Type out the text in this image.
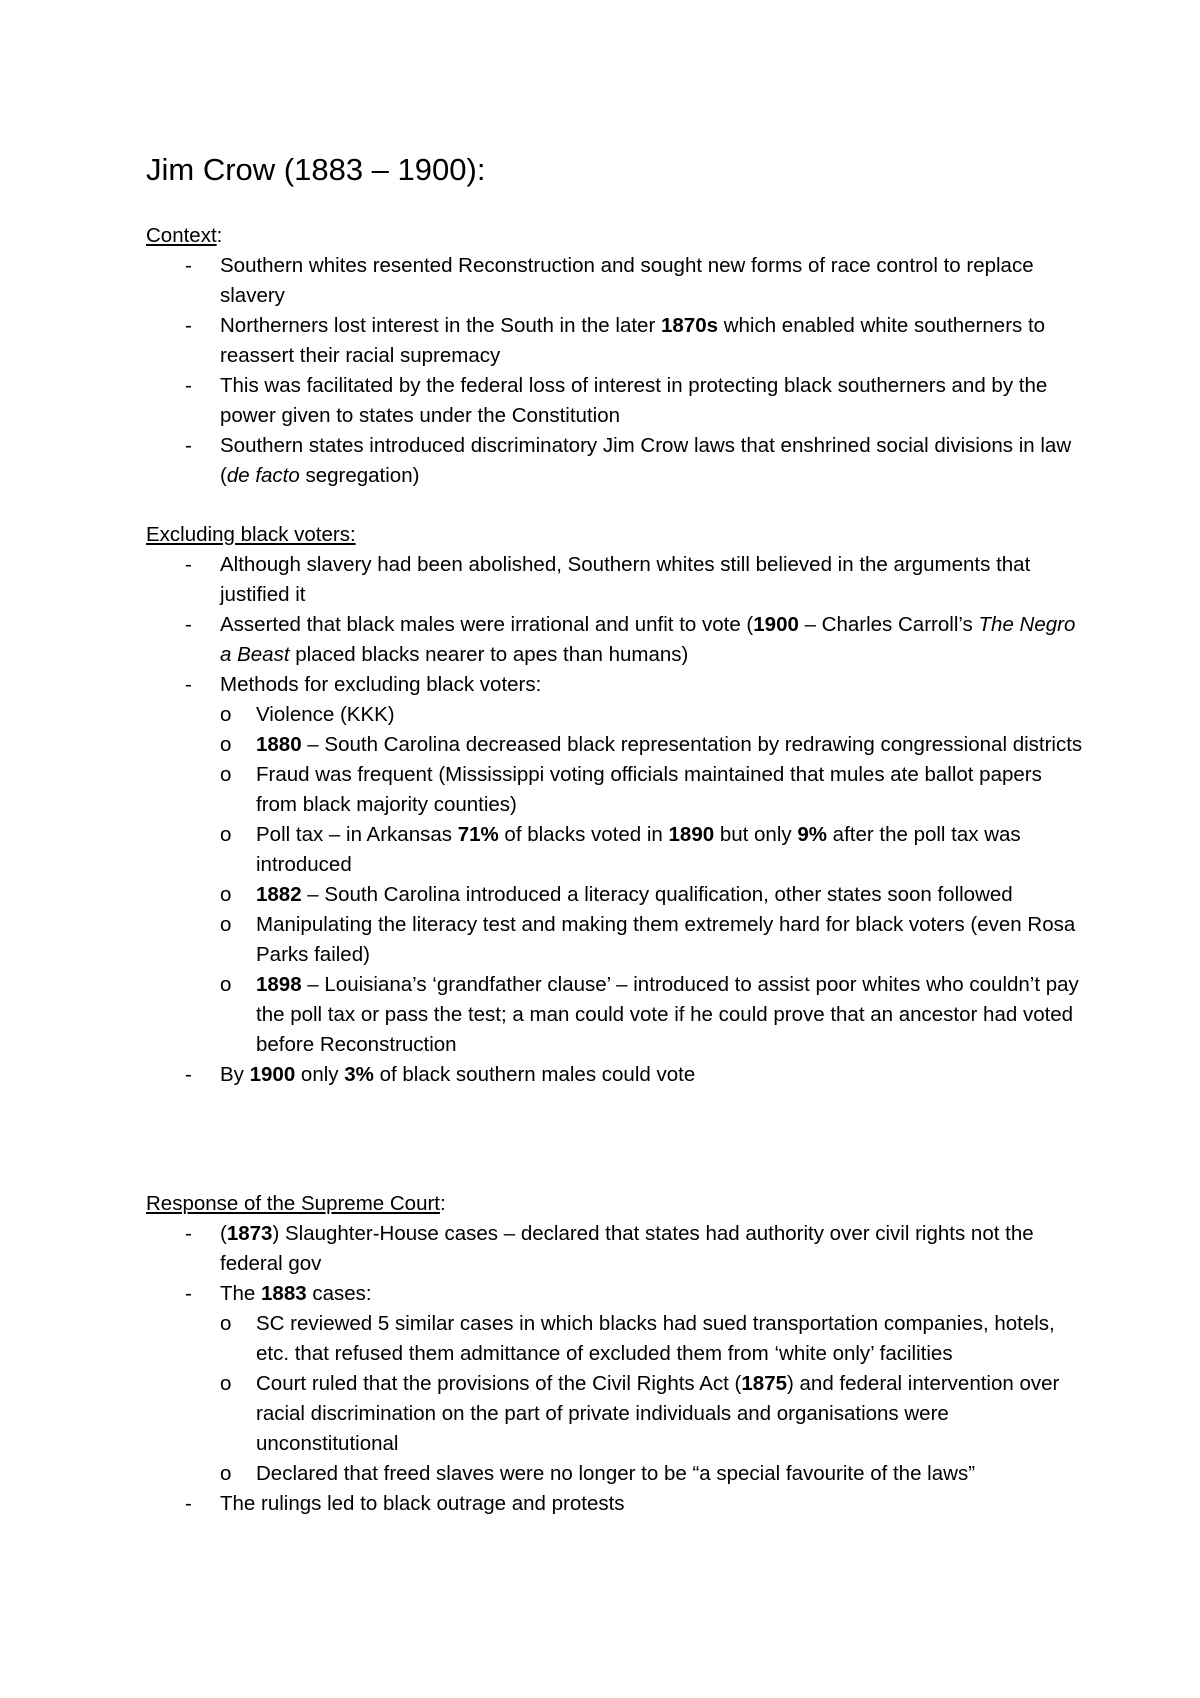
Jim Crow (1883 – 1900):
Context:
- Southern whites resented Reconstruction and sought new forms of race control to replace slavery
- Northerners lost interest in the South in the later 1870s which enabled white southerners to reassert their racial supremacy
- This was facilitated by the federal loss of interest in protecting black southerners and by the power given to states under the Constitution
- Southern states introduced discriminatory Jim Crow laws that enshrined social divisions in law (de facto segregation)
Excluding black voters:
- Although slavery had been abolished, Southern whites still believed in the arguments that justified it
- Asserted that black males were irrational and unfit to vote (1900 – Charles Carroll’s The Negro a Beast placed blacks nearer to apes than humans)
- Methods for excluding black voters:
o Violence (KKK)
o 1880 – South Carolina decreased black representation by redrawing congressional districts
o Fraud was frequent (Mississippi voting officials maintained that mules ate ballot papers from black majority counties)
o Poll tax – in Arkansas 71% of blacks voted in 1890 but only 9% after the poll tax was introduced
o 1882 – South Carolina introduced a literacy qualification, other states soon followed
o Manipulating the literacy test and making them extremely hard for black voters (even Rosa Parks failed)
o 1898 – Louisiana’s ‘grandfather clause’ – introduced to assist poor whites who couldn’t pay the poll tax or pass the test; a man could vote if he could prove that an ancestor had voted before Reconstruction
- By 1900 only 3% of black southern males could vote
Response of the Supreme Court:
- (1873) Slaughter-House cases – declared that states had authority over civil rights not the federal gov
- The 1883 cases:
o SC reviewed 5 similar cases in which blacks had sued transportation companies, hotels, etc. that refused them admittance of excluded them from ‘white only’ facilities
o Court ruled that the provisions of the Civil Rights Act (1875) and federal intervention over racial discrimination on the part of private individuals and organisations were unconstitutional
o Declared that freed slaves were no longer to be “a special favourite of the laws”
- The rulings led to black outrage and protests
